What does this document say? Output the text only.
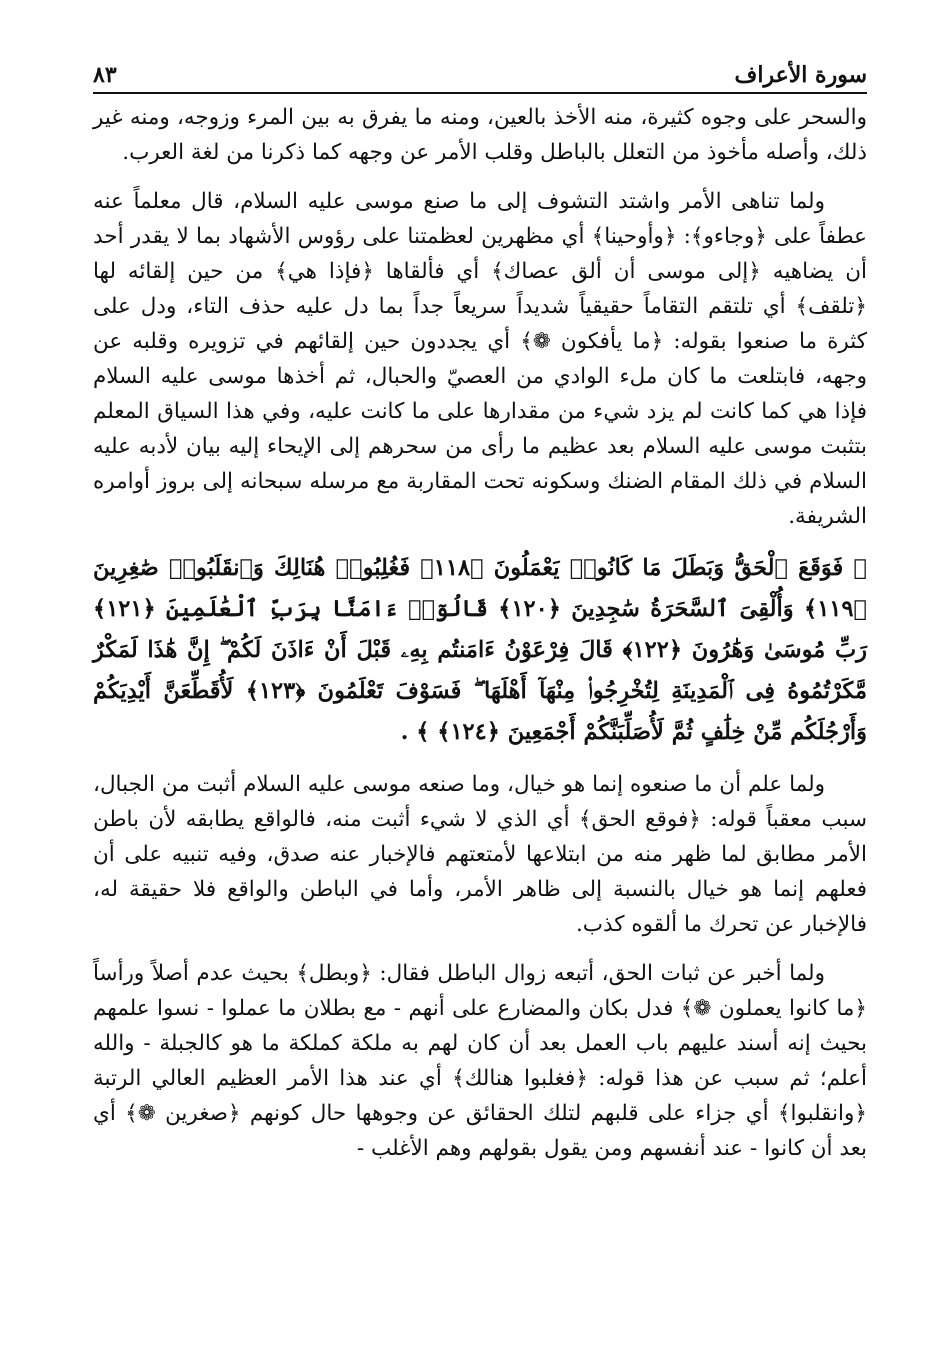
سورة الأعراف
٨٣

والسحر على وجوه كثيرة، منه الأخذ بالعين، ومنه ما يفرق به بين المرء وزوجه، ومنه غير ذلك، وأصله مأخوذ من التعلل بالباطل وقلب الأمر عن وجهه كما ذكرنا من لغة العرب.

ولما تناهى الأمر واشتد التشوف إلى ما صنع موسى عليه السلام، قال معلماً عنه عطفاً على ﴿وجاءو﴾: ﴿وأوحينا﴾ أي مظهرين لعظمتنا على رؤوس الأشهاد بما لا يقدر أحد أن يضاهيه ﴿إلى موسى أن ألق عصاك﴾ أي فألقاها ﴿فإذا هي﴾ من حين إلقائه لها ﴿تلقف﴾ أي تلتقم التقاماً حقيقياً شديداً سريعاً جداً بما دل عليه حذف التاء، ودل على كثرة ما صنعوا بقوله: ﴿ما يأفكون ❁﴾ أي يجددون حين إلقائهم في تزويره وقلبه عن وجهه، فابتلعت ما كان ملء الوادي من العصيّ والحبال، ثم أخذها موسى عليه السلام فإذا هي كما كانت لم يزد شيء من مقدارها على ما كانت عليه، وفي هذا السياق المعلم بتثبت موسى عليه السلام بعد عظيم ما رأى من سحرهم إلى الإيحاء إليه بيان لأدبه عليه السلام في ذلك المقام الضنك وسكونه تحت المقاربة مع مرسله سبحانه إلى بروز أوامره الشريفة.

﴿ فَوَقَعَ ٱلْحَقُّ وَبَطَلَ مَا كَانُوا۟ يَعْمَلُونَ ﴿١١٨﴾ فَغُلِبُوا۟ هُنَالِكَ وَٱنقَلَبُوا۟ صَٰغِرِينَ ﴿١١٩﴾ وَأُلْقِىَ ٱلسَّحَرَةُ سَٰجِدِينَ ﴿١٢٠﴾ قَالُوٓا۟ ءَامَنَّا بِرَبِّ ٱلْعَٰلَمِينَ ﴿١٢١﴾ رَبِّ مُوسَىٰ وَهَٰرُونَ ﴿١٢٢﴾ قَالَ فِرْعَوْنُ ءَامَنتُم بِهِۦ قَبْلَ أَنْ ءَاذَنَ لَكُمْ ۖ إِنَّ هَٰذَا لَمَكْرٌ مَّكَرْتُمُوهُ فِى ٱلْمَدِينَةِ لِتُخْرِجُوا۟ مِنْهَآ أَهْلَهَا ۖ فَسَوْفَ تَعْلَمُونَ ﴿١٢٣﴾ لَأُقَطِّعَنَّ أَيْدِيَكُمْ وَأَرْجُلَكُم مِّنْ خِلَٰفٍ ثُمَّ لَأُصَلِّبَنَّكُمْ أَجْمَعِينَ ﴿١٢٤﴾ ﴾ .

ولما علم أن ما صنعوه إنما هو خيال، وما صنعه موسى عليه السلام أثبت من الجبال، سبب معقباً قوله: ﴿فوقع الحق﴾ أي الذي لا شيء أثبت منه، فالواقع يطابقه لأن باطن الأمر مطابق لما ظهر منه من ابتلاعها لأمتعتهم فالإخبار عنه صدق، وفيه تنبيه على أن فعلهم إنما هو خيال بالنسبة إلى ظاهر الأمر، وأما في الباطن والواقع فلا حقيقة له، فالإخبار عن تحرك ما ألقوه كذب.

ولما أخبر عن ثبات الحق، أتبعه زوال الباطل فقال: ﴿وبطل﴾ بحيث عدم أصلاً ورأساً ﴿ما كانوا يعملون ❁﴾ فدل بكان والمضارع على أنهم - مع بطلان ما عملوا - نسوا علمهم بحيث إنه أسند عليهم باب العمل بعد أن كان لهم به ملكة كملكة ما هو كالجبلة - والله أعلم؛ ثم سبب عن هذا قوله: ﴿فغلبوا هنالك﴾ أي عند هذا الأمر العظيم العالي الرتبة ﴿وانقلبوا﴾ أي جزاء على قلبهم لتلك الحقائق عن وجوهها حال كونهم ﴿صغرين ❁﴾ أي بعد أن كانوا - عند أنفسهم ومن يقول بقولهم وهم الأغلب -
